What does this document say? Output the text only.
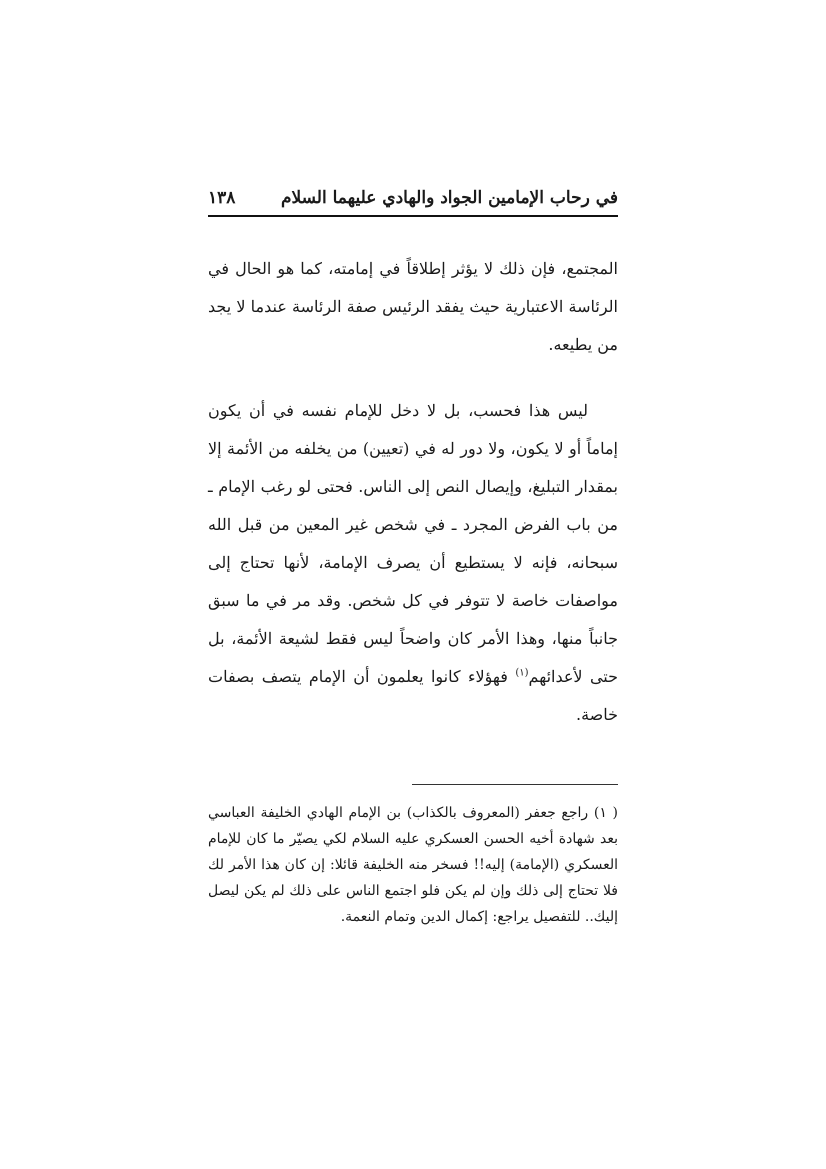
في رحاب الإمامين الجواد والهادي عليهما السلام
١٣٨

المجتمع، فإن ذلك لا يؤثر إطلاقاً في إمامته، كما هو الحال في الرئاسة الاعتبارية حيث يفقد الرئيس صفة الرئاسة عندما لا يجد من يطيعه.

ليس هذا فحسب، بل لا دخل للإمام نفسه في أن يكون إماماً أو لا يكون، ولا دور له في (تعيين) من يخلفه من الأئمة إلا بمقدار التبليغ، وإيصال النص إلى الناس. فحتى لو رغب الإمام ـ من باب الفرض المجرد ـ في شخص غير المعين من قبل الله سبحانه، فإنه لا يستطيع أن يصرف الإمامة، لأنها تحتاج إلى مواصفات خاصة لا تتوفر في كل شخص. وقد مر في ما سبق جانباً منها، وهذا الأمر كان واضحاً ليس فقط لشيعة الأئمة، بل حتى لأعدائهم$^{(١)}$ فهؤلاء كانوا يعلمون أن الإمام يتصف بصفات خاصة.

( ١) راجع جعفر (المعروف بالكذاب) بن الإمام الهادي الخليفة العباسي بعد شهادة أخيه الحسن العسكري عليه السلام لكي يصيّر ما كان للإمام العسكري (الإمامة) إليه!! فسخر منه الخليفة قائلا: إن كان هذا الأمر لك فلا تحتاج إلى ذلك وإن لم يكن فلو اجتمع الناس على ذلك لم يكن ليصل إليك.. للتفصيل يراجع: إكمال الدين وتمام النعمة.
